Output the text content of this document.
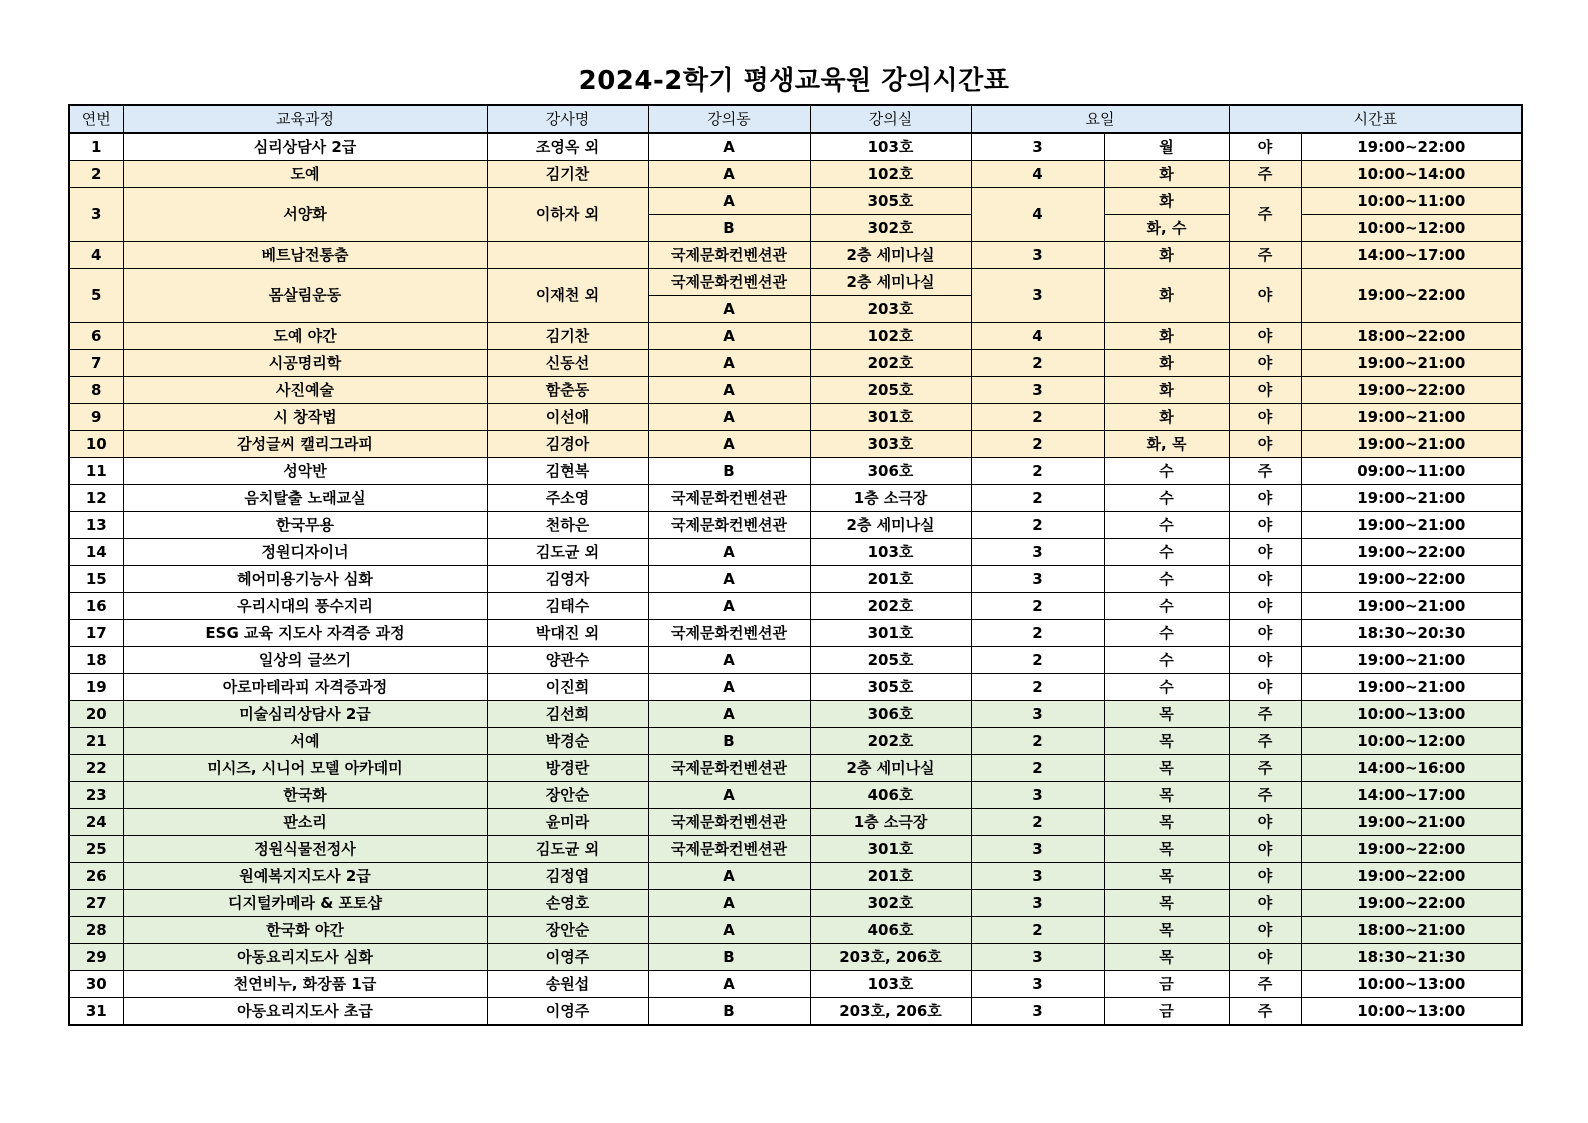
2024-2학기 평생교육원 강의시간표
연번	교육과정	강사명	강의동	강의실	요일		시간표	
1	심리상담사 2급	조영옥 외	A	103호	3	월	야	19:00~22:00
2	도예	김기찬	A	102호	4	화	주	10:00~14:00
3	서양화	이하자 외	A	305호	4	화	주	10:00~11:00
			B	302호		화, 수		10:00~12:00
4	베트남전통춤		국제문화컨벤션관	2층 세미나실	3	화	주	14:00~17:00
5	몸살림운동	이재천 외	국제문화컨벤션관	2층 세미나실	3	화	야	19:00~22:00
			A	203호				
6	도예 야간	김기찬	A	102호	4	화	야	18:00~22:00
7	시공명리학	신동선	A	202호	2	화	야	19:00~21:00
8	사진예술	함춘동	A	205호	3	화	야	19:00~22:00
9	시 창작법	이선애	A	301호	2	화	야	19:00~21:00
10	감성글씨 캘리그라피	김경아	A	303호	2	화, 목	야	19:00~21:00
11	성악반	김현복	B	306호	2	수	주	09:00~11:00
12	음치탈출 노래교실	주소영	국제문화컨벤션관	1층 소극장	2	수	야	19:00~21:00
13	한국무용	천하은	국제문화컨벤션관	2층 세미나실	2	수	야	19:00~21:00
14	정원디자이너	김도균 외	A	103호	3	수	야	19:00~22:00
15	헤어미용기능사 심화	김영자	A	201호	3	수	야	19:00~22:00
16	우리시대의 풍수지리	김태수	A	202호	2	수	야	19:00~21:00
17	ESG 교육 지도사 자격증 과정	박대진 외	국제문화컨벤션관	301호	2	수	야	18:30~20:30
18	일상의 글쓰기	양관수	A	205호	2	수	야	19:00~21:00
19	아로마테라피 자격증과정	이진희	A	305호	2	수	야	19:00~21:00
20	미술심리상담사 2급	김선희	A	306호	3	목	주	10:00~13:00
21	서예	박경순	B	202호	2	목	주	10:00~12:00
22	미시즈, 시니어 모델 아카데미	방경란	국제문화컨벤션관	2층 세미나실	2	목	주	14:00~16:00
23	한국화	장안순	A	406호	3	목	주	14:00~17:00
24	판소리	윤미라	국제문화컨벤션관	1층 소극장	2	목	야	19:00~21:00
25	정원식물전정사	김도균 외	국제문화컨벤션관	301호	3	목	야	19:00~22:00
26	원예복지지도사 2급	김정엽	A	201호	3	목	야	19:00~22:00
27	디지털카메라 & 포토샵	손영호	A	302호	3	목	야	19:00~22:00
28	한국화 야간	장안순	A	406호	2	목	야	18:00~21:00
29	아동요리지도사 심화	이영주	B	203호, 206호	3	목	야	18:30~21:30
30	천연비누, 화장품 1급	송원섭	A	103호	3	금	주	10:00~13:00
31	아동요리지도사 초급	이영주	B	203호, 206호	3	금	주	10:00~13:00
